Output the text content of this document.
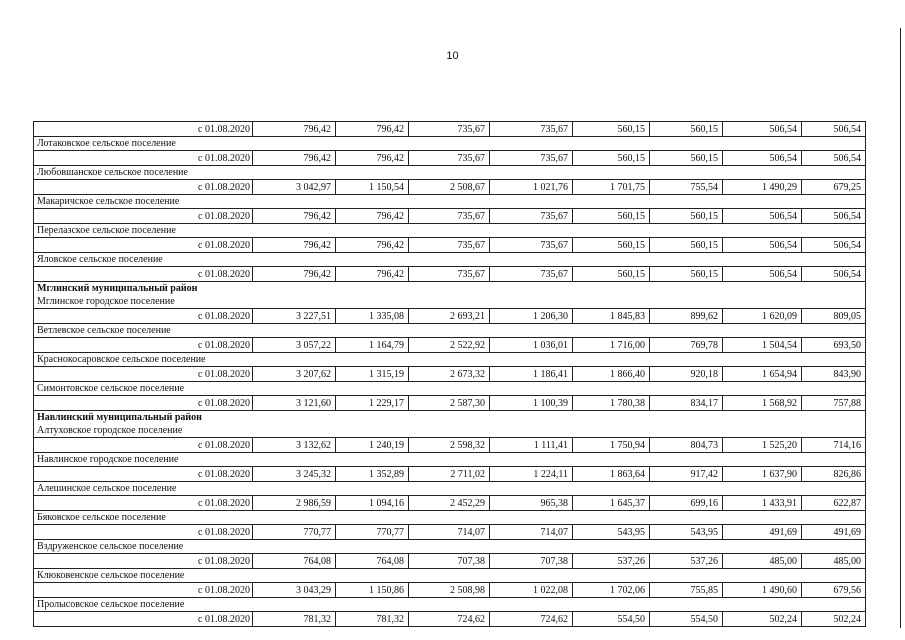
10
с 01.08.2020	796,42	796,42	735,67	735,67	560,15	560,15	506,54	506,54
Лотаковское сельское поселение								
с 01.08.2020	796,42	796,42	735,67	735,67	560,15	560,15	506,54	506,54
Любовшанское сельское поселение								
с 01.08.2020	3 042,97	1 150,54	2 508,67	1 021,76	1 701,75	755,54	1 490,29	679,25
Макаричское сельское поселение								
с 01.08.2020	796,42	796,42	735,67	735,67	560,15	560,15	506,54	506,54
Перелазское сельское поселение								
с 01.08.2020	796,42	796,42	735,67	735,67	560,15	560,15	506,54	506,54
Яловское сельское поселение								
с 01.08.2020	796,42	796,42	735,67	735,67	560,15	560,15	506,54	506,54
Мглинский муниципальный район								
Мглинское городское поселение								
с 01.08.2020	3 227,51	1 335,08	2 693,21	1 206,30	1 845,83	899,62	1 620,09	809,05
Ветлевское сельское поселение								
с 01.08.2020	3 057,22	1 164,79	2 522,92	1 036,01	1 716,00	769,78	1 504,54	693,50
Краснокосаровское сельское поселение								
с 01.08.2020	3 207,62	1 315,19	2 673,32	1 186,41	1 866,40	920,18	1 654,94	843,90
Симонтовское сельское поселение								
с 01.08.2020	3 121,60	1 229,17	2 587,30	1 100,39	1 780,38	834,17	1 568,92	757,88
Навлинский муниципальный район								
Алтуховское городское поселение								
с 01.08.2020	3 132,62	1 240,19	2 598,32	1 111,41	1 750,94	804,73	1 525,20	714,16
Навлинское городское поселение								
с 01.08.2020	3 245,32	1 352,89	2 711,02	1 224,11	1 863,64	917,42	1 637,90	826,86
Алешинское сельское поселение								
с 01.08.2020	2 986,59	1 094,16	2 452,29	965,38	1 645,37	699,16	1 433,91	622,87
Бяковское сельское поселение								
с 01.08.2020	770,77	770,77	714,07	714,07	543,95	543,95	491,69	491,69
Вздруженское сельское поселение								
с 01.08.2020	764,08	764,08	707,38	707,38	537,26	537,26	485,00	485,00
Клюковенское сельское поселение								
с 01.08.2020	3 043,29	1 150,86	2 508,98	1 022,08	1 702,06	755,85	1 490,60	679,56
Пролысовское сельское поселение								
с 01.08.2020	781,32	781,32	724,62	724,62	554,50	554,50	502,24	502,24
